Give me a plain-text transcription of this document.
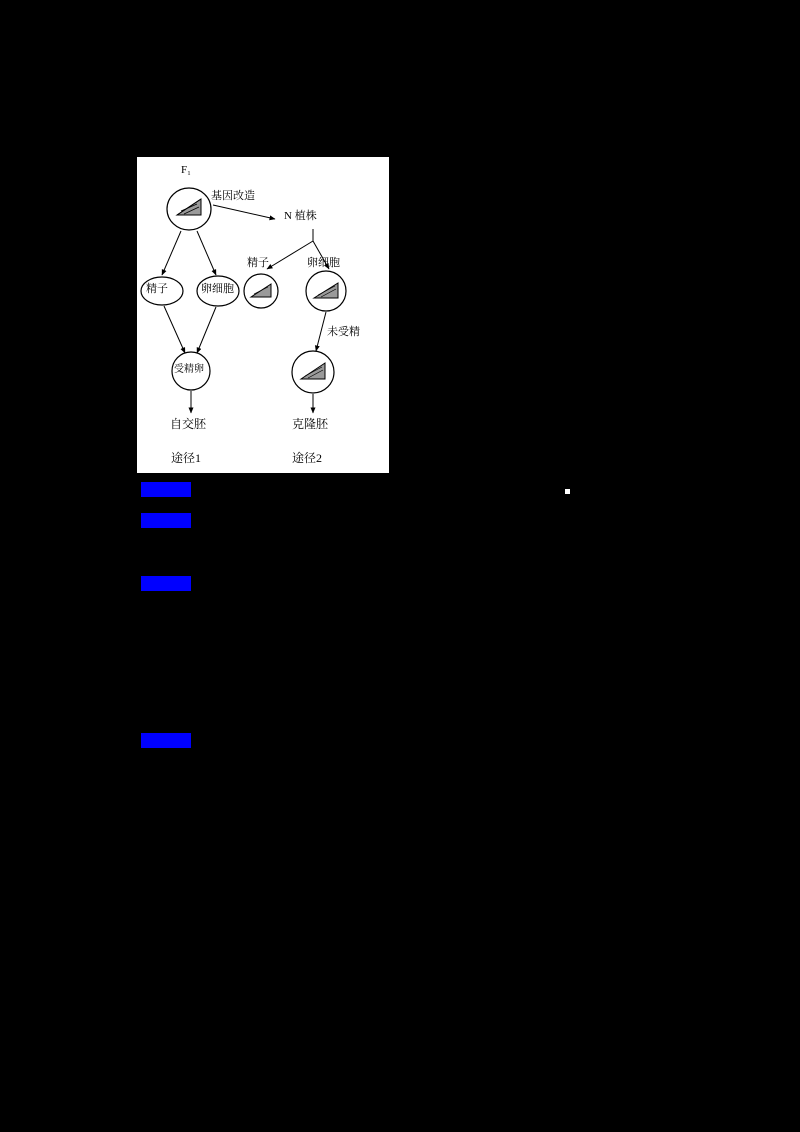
F₁
基因改造
N 植株
精子	卵细胞
精子	卵细胞
受精卵
未受精
自交胚	克隆胚
途径1	途径2
【答案】
【解析】
【详解】
【点睛】
